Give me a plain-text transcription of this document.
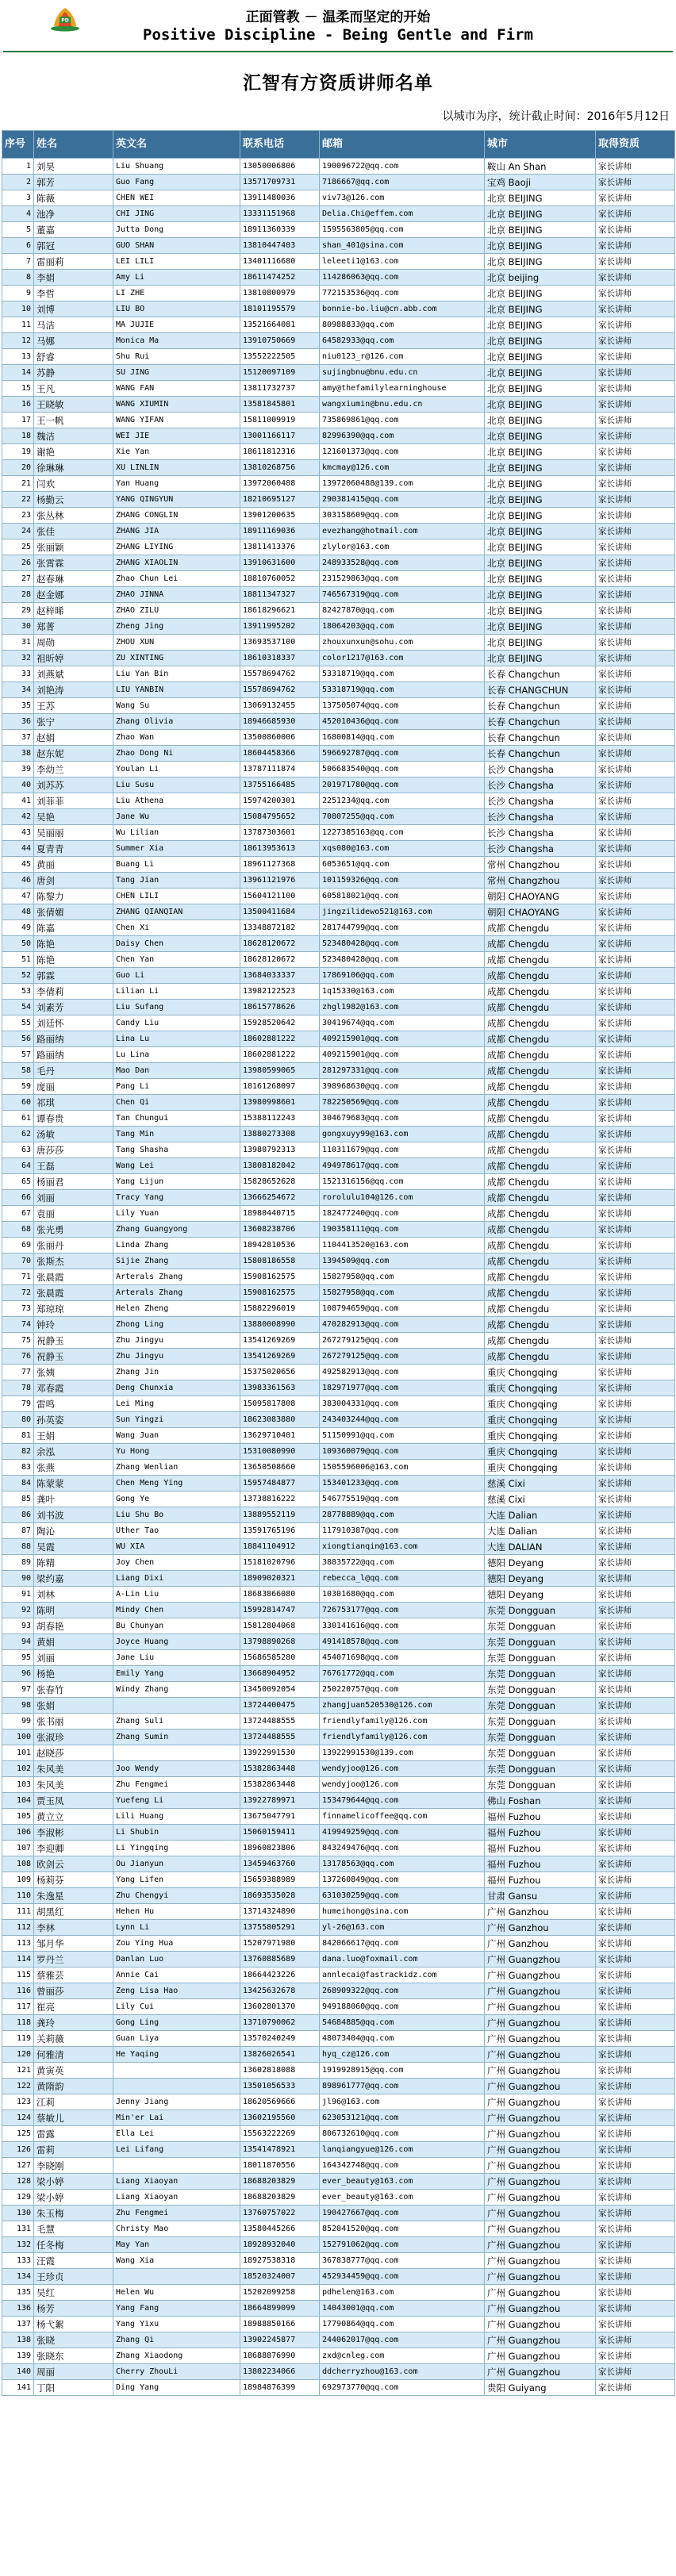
PD	正面管教 － 温柔而坚定的开始
Positive Discipline - Being Gentle and Firm
汇智有方资质讲师名单
以城市为序，统计截止时间：2016年5月12日
序号	姓名	英文名	联系电话	邮箱	城市	取得资质
1	刘昊	Liu Shuang	13050006806	190096722@qq.com	鞍山 An Shan	家长讲师
2	郭芳	Guo Fang	13571709731	7186667@qq.com	宝鸡 Baoji	家长讲师
3	陈薇	CHEN WEI	13911480036	viv73@126.com	北京 BEIJING	家长讲师
4	池净	CHI JING	13331151968	Delia.Chi@effem.com	北京 BEIJING	家长讲师
5	董嘉	Jutta Dong	18911360339	1595563805@qq.com	北京 BEIJING	家长讲师
6	郭冠	GUO SHAN	13810447403	shan_401@sina.com	北京 BEIJING	家长讲师
7	雷丽莉	LEI LILI	13401116680	leleeti1@163.com	北京 BEIJING	家长讲师
8	李娟	Amy Li	18611474252	114286063@qq.com	北京 beijing	家长讲师
9	李哲	LI ZHE	13810800979	772153536@qq.com	北京 BEIJING	家长讲师
10	刘博	LIU BO	18101195579	bonnie-bo.liu@cn.abb.com	北京 BEIJING	家长讲师
11	马洁	MA JUJIE	13521664081	80988833@qq.com	北京 BEIJING	家长讲师
12	马娜	Monica Ma	13910750669	64582933@qq.com	北京 BEIJING	家长讲师
13	舒睿	Shu Rui	13552222505	niu0123_r@126.com	北京 BEIJING	家长讲师
14	苏静	SU JING	15120097109	sujingbnu@bnu.edu.cn	北京 BEIJING	家长讲师
15	王凡	WANG FAN	13811732737	amy@thefamilylearninghouse	北京 BEIJING	家长讲师
16	王晓敏	WANG XIUMIN	13581845801	wangxiumin@bnu.edu.cn	北京 BEIJING	家长讲师
17	王一帆	WANG YIFAN	15811009919	735869861@qq.com	北京 BEIJING	家长讲师
18	魏洁	WEI JIE	13001166117	82996390@qq.com	北京 BEIJING	家长讲师
19	谢艳	Xie Yan	18611812316	121601373@qq.com	北京 BEIJING	家长讲师
20	徐琳琳	XU LINLIN	13810268756	kmcmay@126.com	北京 BEIJING	家长讲师
21	闫欢	Yan Huang	13972060488	13972060488@139.com	北京 BEIJING	家长讲师
22	杨勤云	YANG QINGYUN	18210695127	290381415@qq.com	北京 BEIJING	家长讲师
23	张丛林	ZHANG CONGLIN	13901200635	303158609@qq.com	北京 BEIJING	家长讲师
24	张佳	ZHANG JIA	18911169036	evezhang@hotmail.com	北京 BEIJING	家长讲师
25	张丽颖	ZHANG LIYING	13811413376	zlylor@163.com	北京 BEIJING	家长讲师
26	张霄霖	ZHANG XIAOLIN	13910631600	248933528@qq.com	北京 BEIJING	家长讲师
27	赵春琳	Zhao Chun Lei	18810760052	231529863@qq.com	北京 BEIJING	家长讲师
28	赵金娜	ZHAO JINNA	18811347327	746567319@qq.com	北京 BEIJING	家长讲师
29	赵梓晞	ZHAO ZILU	18618296621	82427870@qq.com	北京 BEIJING	家长讲师
30	郑菁	Zheng Jing	13911995202	18064203@qq.com	北京 BEIJING	家长讲师
31	周勋	ZHOU XUN	13693537100	zhouxunxun@sohu.com	北京 BEIJING	家长讲师
32	祖昕婷	ZU XINTING	18610318337	color1217@163.com	北京 BEIJING	家长讲师
33	刘燕斌	Liu Yan Bin	15578694762	53318719@qq.com	长春 Changchun	家长讲师
34	刘艳涛	LIU YANBIN	15578694762	53318719@qq.com	长春 CHANGCHUN	家长讲师
35	王苏	Wang Su	13069132455	137505074@qq.com	长春 Changchun	家长讲师
36	张宁	Zhang Olivia	18946685930	452010436@qq.com	长春 Changchun	家长讲师
37	赵娟	Zhao Wan	13500860006	16800814@qq.com	长春 Changchun	家长讲师
38	赵东妮	Zhao Dong Ni	18604458366	596692787@qq.com	长春 Changchun	家长讲师
39	李幼兰	Youlan Li	13787111874	506683540@qq.com	长沙 Changsha	家长讲师
40	刘苏苏	Liu Susu	13755166485	201971780@qq.com	长沙 Changsha	家长讲师
41	刘菲菲	Liu Athena	15974200301	2251234@qq.com	长沙 Changsha	家长讲师
42	吴艳	Jane Wu	15084795652	70807255@qq.com	长沙 Changsha	家长讲师
43	吴丽丽	Wu Lilian	13787303601	1227385163@qq.com	长沙 Changsha	家长讲师
44	夏青青	Summer Xia	18613953613	xqs080@163.com	长沙 Changsha	家长讲师
45	黄丽	Buang Li	18961127368	6053651@qq.com	常州 Changzhou	家长讲师
46	唐剑	Tang Jian	13961121976	101159326@qq.com	常州 Changzhou	家长讲师
47	陈黎力	CHEN LILI	15604121100	605818021@qq.com	朝阳 CHAOYANG	家长讲师
48	张倩媚	ZHANG QIANQIAN	13500411684	jingzilidewo521@163.com	朝阳 CHAOYANG	家长讲师
49	陈嘉	Chen Xi	13348872182	281744799@qq.com	成都 Chengdu	家长讲师
50	陈艳	Daisy Chen	18628120672	523480428@qq.com	成都 Chengdu	家长讲师
51	陈艳	Chen Yan	18628120672	523480428@qq.com	成都 Chengdu	家长讲师
52	郭霖	Guo Li	13684033337	17869106@qq.com	成都 Chengdu	家长讲师
53	李倩莉	Lilian Li	13982122523	1q15330@163.com	成都 Chengdu	家长讲师
54	刘素芳	Liu Sufang	18615778626	zhgl1982@163.com	成都 Chengdu	家长讲师
55	刘廷怀	Candy Liu	15928520642	30419674@qq.com	成都 Chengdu	家长讲师
56	路丽纳	Lina Lu	18602881222	409215901@qq.com	成都 Chengdu	家长讲师
57	路丽纳	Lu Lina	18602881222	409215901@qq.com	成都 Chengdu	家长讲师
58	毛丹	Mao Dan	13980599065	281297331@qq.com	成都 Chengdu	家长讲师
59	庞丽	Pang Li	18161268097	398968630@qq.com	成都 Chengdu	家长讲师
60	祁琪	Chen Qi	13980998601	782250569@qq.com	成都 Chengdu	家长讲师
61	谭春贵	Tan Chungui	15388112243	304679683@qq.com	成都 Chengdu	家长讲师
62	汤敏	Tang Min	13880273308	gongxuyy99@163.com	成都 Chengdu	家长讲师
63	唐莎莎	Tang Shasha	13980792313	110311679@qq.com	成都 Chengdu	家长讲师
64	王磊	Wang Lei	13808182042	494978617@qq.com	成都 Chengdu	家长讲师
65	杨丽君	Yang Lijun	15828652628	1521316156@qq.com	成都 Chengdu	家长讲师
66	刘丽	Tracy Yang	13666254672	rorolulu104@126.com	成都 Chengdu	家长讲师
67	袁丽	Lily Yuan	18980440715	182477240@qq.com	成都 Chengdu	家长讲师
68	张光勇	Zhang Guangyong	13608238706	190358111@qq.com	成都 Chengdu	家长讲师
69	张丽丹	Linda Zhang	18942810536	1104413520@163.com	成都 Chengdu	家长讲师
70	张斯杰	Sijie Zhang	15808186558	1394509@qq.com	成都 Chengdu	家长讲师
71	张晨霞	Arterals Zhang	15908162575	15827958@qq.com	成都 Chengdu	家长讲师
72	张晨霞	Arterals Zhang	15908162575	15827958@qq.com	成都 Chengdu	家长讲师
73	郑琼琼	Helen Zheng	15882296019	108794659@qq.com	成都 Chengdu	家长讲师
74	钟玲	Zhong Ling	13880008990	470282913@qq.com	成都 Chengdu	家长讲师
75	祝静玉	Zhu Jingyu	13541269269	267279125@qq.com	成都 Chengdu	家长讲师
76	祝静玉	Zhu Jingyu	13541269269	267279125@qq.com	成都 Chengdu	家长讲师
77	张姨	Zhang Jin	15375020656	492582913@qq.com	重庆 Chongqing	家长讲师
78	邓春霞	Deng Chunxia	13983361563	182971977@qq.com	重庆 Chongqing	家长讲师
79	雷鸣	Lei Ming	15095817808	383004331@qq.com	重庆 Chongqing	家长讲师
80	孙英姿	Sun Yingzi	18623083880	243403244@qq.com	重庆 Chongqing	家长讲师
81	王娟	Wang Juan	13629710401	51150991@qq.com	重庆 Chongqing	家长讲师
82	余泓	Yu Hong	15310080990	109360079@qq.com	重庆 Chongqing	家长讲师
83	张燕	Zhang Wenlian	13650508660	1505596006@163.com	重庆 Chongqing	家长讲师
84	陈蒙蒙	Chen Meng Ying	15957484877	153401233@qq.com	慈溪 Cixi	家长讲师
85	龚叶	Gong Ye	13738816222	546775519@qq.com	慈溪 Cixi	家长讲师
86	刘书波	Liu Shu Bo	13889552119	28778889@qq.com	大连 Dalian	家长讲师
87	陶沁	Uther Tao	13591765196	117910387@qq.com	大连 Dalian	家长讲师
88	吴霞	WU XIA	18841104912	xiongtianqin@163.com	大连 DALIAN	家长讲师
89	陈精	Joy Chen	15181020796	38835722@qq.com	德阳 Deyang	家长讲师
90	梁约嘉	Liang Dixi	18909020321	rebecca_l@qq.com	德阳 Deyang	家长讲师
91	刘林	A-Lin Liu	18683866080	10301680@qq.com	德阳 Deyang	家长讲师
92	陈明	Mindy Chen	15992814747	726753177@qq.com	东莞 Dongguan	家长讲师
93	胡春艳	Bu Chunyan	15812804068	330141616@qq.com	东莞 Dongguan	家长讲师
94	黄娟	Joyce Huang	13798890268	491418578@qq.com	东莞 Dongguan	家长讲师
95	刘丽	Jane Liu	15686585280	454071698@qq.com	东莞 Dongguan	家长讲师
96	杨艳	Emily Yang	13668904952	76761772@qq.com	东莞 Dongguan	家长讲师
97	张春竹	Windy Zhang	13450092054	250220757@qq.com	东莞 Dongguan	家长讲师
98	张娟		13724400475	zhangjuan520530@126.com	东莞 Dongguan	家长讲师
99	张书丽	Zhang Suli	13724488555	friendlyfamily@126.com	东莞 Dongguan	家长讲师
100	张淑珍	Zhang Sumin	13724488555	friendlyfamily@126.com	东莞 Dongguan	家长讲师
101	赵晓莎		13922991530	13922991530@139.com	东莞 Dongguan	家长讲师
102	朱风美	Joo Wendy	15382863448	wendyjoo@126.com	东莞 Dongguan	家长讲师
103	朱风美	Zhu Fengmei	15382863448	wendyjoo@126.com	东莞 Dongguan	家长讲师
104	贾玉凤	Yuefeng Li	13922789971	153479644@qq.com	佛山 Foshan	家长讲师
105	黄立立	Lili Huang	13675047791	finnamelicoffee@qq.com	福州 Fuzhou	家长讲师
106	李淑彬	Li Shubin	15060159411	419949259@qq.com	福州 Fuzhou	家长讲师
107	李迎卿	Li Yingqing	18960823806	843249476@qq.com	福州 Fuzhou	家长讲师
108	欧剑云	Ou Jianyun	13459463760	13178563@qq.com	福州 Fuzhou	家长讲师
109	杨莉芬	Yang Lifen	15659388989	137260849@qq.com	福州 Fuzhou	家长讲师
110	朱逸星	Zhu Chengyi	18693535028	631030259@qq.com	甘肃 Gansu	家长讲师
111	胡黑红	Hehen Hu	13714324890	humeihong@sina.com	广州 Ganzhou	家长讲师
112	李林	Lynn Li	13755805291	yl-26@163.com	广州 Ganzhou	家长讲师
113	邹月华	Zou Ying Hua	15207971980	842066617@qq.com	广州 Ganzhou	家长讲师
114	罗丹兰	Danlan Luo	13760885689	dana.luo@foxmail.com	广州 Guangzhou	家长讲师
115	蔡雅芸	Annie Cai	18664423226	annlecai@fastrackidz.com	广州 Guangzhou	家长讲师
116	曾丽莎	Zeng Lisa Hao	13425632678	268909322@qq.com	广州 Guangzhou	家长讲师
117	崔亮	Lily Cui	13602801370	949188060@qq.com	广州 Guangzhou	家长讲师
118	龚玲	Gong Ling	13710790062	54684885@qq.com	广州 Guangzhou	家长讲师
119	关莉薇	Guan Liya	13570240249	48073404@qq.com	广州 Guangzhou	家长讲师
120	何雅清	He Yaqing	13826026541	hyq_cz@126.com	广州 Guangzhou	家长讲师
121	黄寅英		13602818088	1919928915@qq.com	广州 Guangzhou	家长讲师
122	黄隋韵		13501056533	898961777@qq.com	广州 Guangzhou	家长讲师
123	江莉	Jenny Jiang	18620569666	jl96@163.com	广州 Guangzhou	家长讲师
124	蔡敏儿	Min'er Lai	13602195560	623053121@qq.com	广州 Guangzhou	家长讲师
125	雷露	Ella Lei	15563222269	806732610@qq.com	广州 Guangzhou	家长讲师
126	雷莉	Lei Lifang	13541478921	lanqiangyue@126.com	广州 Guangzhou	家长讲师
127	李晓刚		18011870556	164342748@qq.com	广州 Guangzhou	家长讲师
128	梁小婷	Liang Xiaoyan	18688203829	ever_beauty@163.com	广州 Guangzhou	家长讲师
129	梁小婷	Liang Xiaoyan	18688203829	ever_beauty@163.com	广州 Guangzhou	家长讲师
130	朱玉梅	Zhu Fengmei	13760757022	190427667@qq.com	广州 Guangzhou	家长讲师
131	毛慧	Christy Mao	13580445266	852041520@qq.com	广州 Guangzhou	家长讲师
132	任冬梅	May Yan	18928932040	152791062@qq.com	广州 Guangzhou	家长讲师
133	汪霞	Wang Xia	18927538318	367838777@qq.com	广州 Guangzhou	家长讲师
134	王珍贞		18520324007	452934459@qq.com	广州 Guangzhou	家长讲师
135	吴红	Helen Wu	15202099258	pdhelen@163.com	广州 Guangzhou	家长讲师
136	杨芳	Yang Fang	18664899099	14043001@qq.com	广州 Guangzhou	家长讲师
137	杨弋絮	Yang Yixu	18988850166	17790864@qq.com	广州 Guangzhou	家长讲师
138	张晓	Zhang Qi	13902245877	244062017@qq.com	广州 Guangzhou	家长讲师
139	张晓东	Zhang Xiaodong	18688876990	zxd@cnleg.com	广州 Guangzhou	家长讲师
140	周丽	Cherry ZhouLi	13802234066	ddcherryzhou@163.com	广州 Guangzhou	家长讲师
141	丁阳	Ding Yang	18984876399	692973770@qq.com	贵阳 Guiyang	家长讲师
